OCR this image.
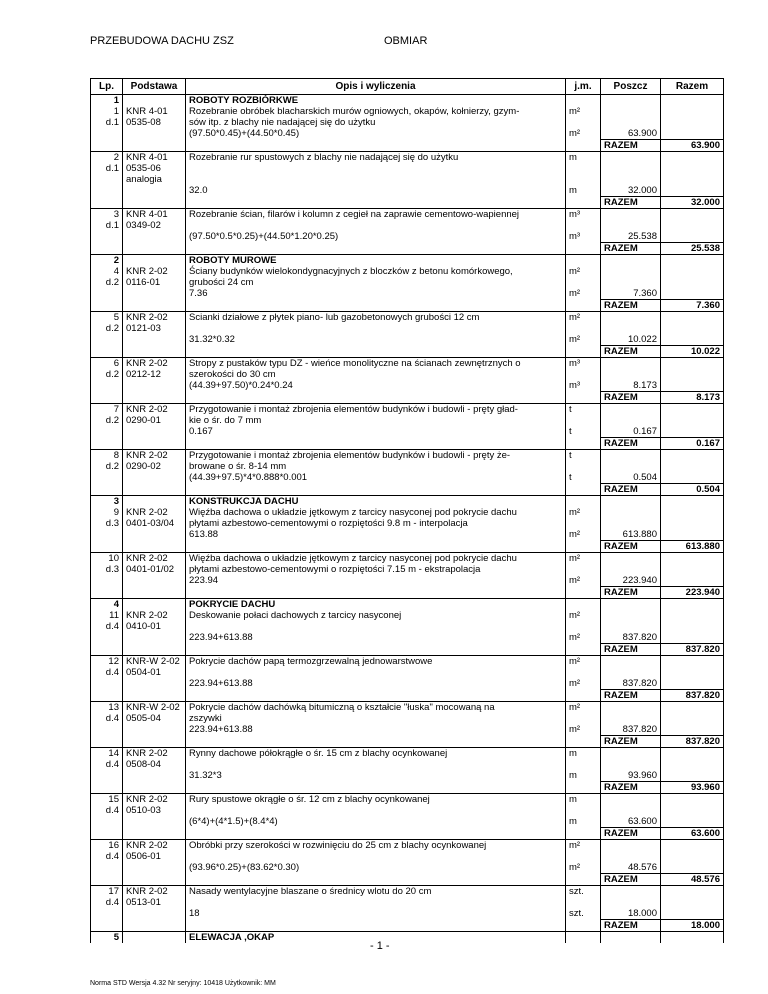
PRZEBUDOWA DACHU ZSZ	OBMIAR
Lp.	Podstawa	Opis i wyliczenia	j.m.	Poszcz	Razem
1		ROBOTY ROZBIÓRKWE			
1
d.1	KNR 4-01
0535-08	Rozebranie obróbek blacharskich murów ogniowych, okapów, kołnierzy, gzym-
sów itp. z blachy nie nadającej się do użytku	m²		
		(97.50*0.45)+(44.50*0.45)	m²	63.900	
				RAZEM	63.900
2
d.1	KNR 4-01
0535-06
analogia	Rozebranie rur spustowych z blachy nie nadającej się do użytku	m		
		32.0	m	32.000	
				RAZEM	32.000
3
d.1	KNR 4-01
0349-02	Rozebranie ścian, filarów i kolumn z cegieł na zaprawie cementowo-wapiennej	m³		
		(97.50*0.5*0.25)+(44.50*1.20*0.25)	m³	25.538	
				RAZEM	25.538
2		ROBOTY MUROWE			
4
d.2	KNR 2-02
0116-01	Ściany budynków wielokondygnacyjnych z bloczków z betonu komórkowego,
grubości 24 cm	m²		
		7.36	m²	7.360	
				RAZEM	7.360
5
d.2	KNR 2-02
0121-03	Scianki działowe z płytek piano- lub gazobetonowych grubości 12 cm	m²		
		31.32*0.32	m²	10.022	
				RAZEM	10.022
6
d.2	KNR 2-02
0212-12	Stropy z pustaków typu DZ - wieńce monolityczne na ścianach zewnętrznych o
szerokości do 30 cm	m³		
		(44.39+97.50)*0.24*0.24	m³	8.173	
				RAZEM	8.173
7
d.2	KNR 2-02
0290-01	Przygotowanie i montaż zbrojenia elementów budynków i budowli - pręty gład-
kie o śr. do 7 mm	t		
		0.167	t	0.167	
				RAZEM	0.167
8
d.2	KNR 2-02
0290-02	Przygotowanie i montaż zbrojenia elementów budynków i budowli - pręty że-
browane o śr. 8-14 mm	t		
		(44.39+97.5)*4*0.888*0.001	t	0.504	
				RAZEM	0.504
3		KONSTRUKCJA DACHU			
9
d.3	KNR 2-02
0401-03/04	Więźba dachowa o układzie jętkowym z tarcicy nasyconej pod pokrycie dachu
płytami azbestowo-cementowymi o rozpiętości 9.8 m - interpolacja	m²		
		613.88	m²	613.880	
				RAZEM	613.880
10
d.3	KNR 2-02
0401-01/02	Więźba dachowa o układzie jętkowym z tarcicy nasyconej pod pokrycie dachu
płytami azbestowo-cementowymi o rozpiętości 7.15 m - ekstrapolacja	m²		
		223.94	m²	223.940	
				RAZEM	223.940
4		POKRYCIE DACHU			
11
d.4	KNR 2-02
0410-01	Deskowanie połaci dachowych z tarcicy nasyconej	m²		
		223.94+613.88	m²	837.820	
				RAZEM	837.820
12
d.4	KNR-W 2-02
0504-01	Pokrycie dachów papą termozgrzewalną jednowarstwowe	m²		
		223.94+613.88	m²	837.820	
				RAZEM	837.820
13
d.4	KNR-W 2-02
0505-04	Pokrycie dachów dachówką bitumiczną o kształcie "łuska" mocowaną na
zszywki	m²		
		223.94+613.88	m²	837.820	
				RAZEM	837.820
14
d.4	KNR 2-02
0508-04	Rynny dachowe półokrągłe o śr. 15 cm z blachy ocynkowanej	m		
		31.32*3	m	93.960	
				RAZEM	93.960
15
d.4	KNR 2-02
0510-03	Rury spustowe okrągłe o śr. 12 cm z blachy ocynkowanej	m		
		(6*4)+(4*1.5)+(8.4*4)	m	63.600	
				RAZEM	63.600
16
d.4	KNR 2-02
0506-01	Obróbki przy szerokości w rozwinięciu do 25 cm z blachy ocynkowanej	m²		
		(93.96*0.25)+(83.62*0.30)	m²	48.576	
				RAZEM	48.576
17
d.4	KNR 2-02
0513-01	Nasady wentylacyjne blaszane o średnicy wlotu do 20 cm	szt.		
		18	szt.	18.000	
				RAZEM	18.000
5		ELEWACJA ,OKAP			
- 1 -
Norma STD Wersja 4.32 Nr seryjny: 10418 Użytkownik: MM
